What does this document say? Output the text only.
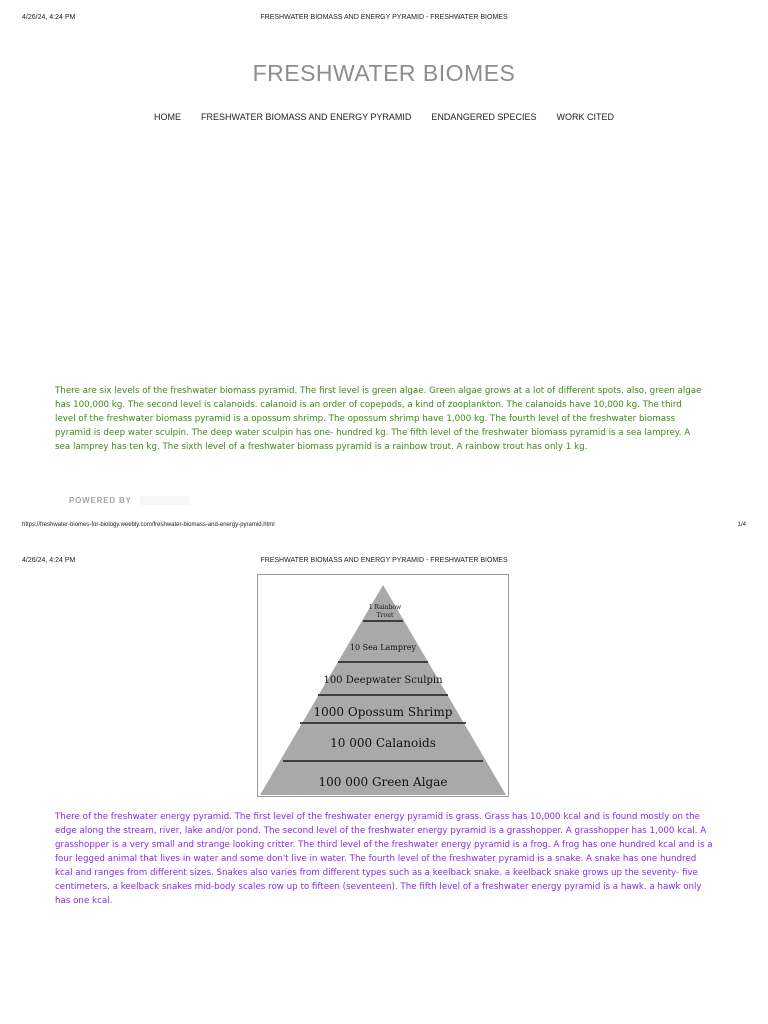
4/26/24, 4:24 PM	FRESHWATER BIOMASS AND ENERGY PYRAMID - FRESHWATER BIOMES
FRESHWATER BIOMES
HOME FRESHWATER BIOMASS AND ENERGY PYRAMID ENDANGERED SPECIES WORK CITED

There are six levels of the freshwater biomass pyramid. The first level is green algae. Green algae grows at a lot of different spots. also, green algae has 100,000 kg. The second level is calanoids. calanoid is an order of copepods, a kind of zooplankton. The calanoids have 10,000 kg. The third level of the freshwater biomass pyramid is a opossum shrimp. The opossum shrimp have 1,000 kg. The fourth level of the freshwater biomass pyramid is deep water sculpin. The deep water sculpin has one- hundred kg. The fifth level of the freshwater biomass pyramid is a sea lamprey. A sea lamprey has ten kg. The sixth level of a freshwater biomass pyramid is a rainbow trout. A rainbow trout has only 1 kg.

POWERED BY
https://freshwater-biomes-for-biology.weebly.com/freshwater-biomass-and-energy-pyramid.html	1/4
4/26/24, 4:24 PM	FRESHWATER BIOMASS AND ENERGY PYRAMID - FRESHWATER BIOMES
1 Rainbow
Trout
10 Sea Lamprey
100 Deepwater Sculpin
1000 Opossum Shrimp
10 000 Calanoids
100 000 Green Algae

There of the freshwater energy pyramid. The first level of the freshwater energy pyramid is grass. Grass has 10,000 kcal and is found mostly on the edge along the stream, river, lake and/or pond. The second level of the freshwater energy pyramid is a grasshopper. A grasshopper has 1,000 kcal. A grasshopper is a very small and strange looking critter. The third level of the freshwater energy pyramid is a frog. A frog has one hundred kcal and is a four legged animal that lives in water and some don't live in water. The fourth level of the freshwater pyramid is a snake. A snake has one hundred kcal and ranges from different sizes. Snakes also varies from different types such as a keelback snake. a keelback snake grows up the seventy- five centimeters. a keelback snakes mid-body scales row up to fifteen (seventeen). The fifth level of a freshwater energy pyramid is a hawk. a hawk only has one kcal.
